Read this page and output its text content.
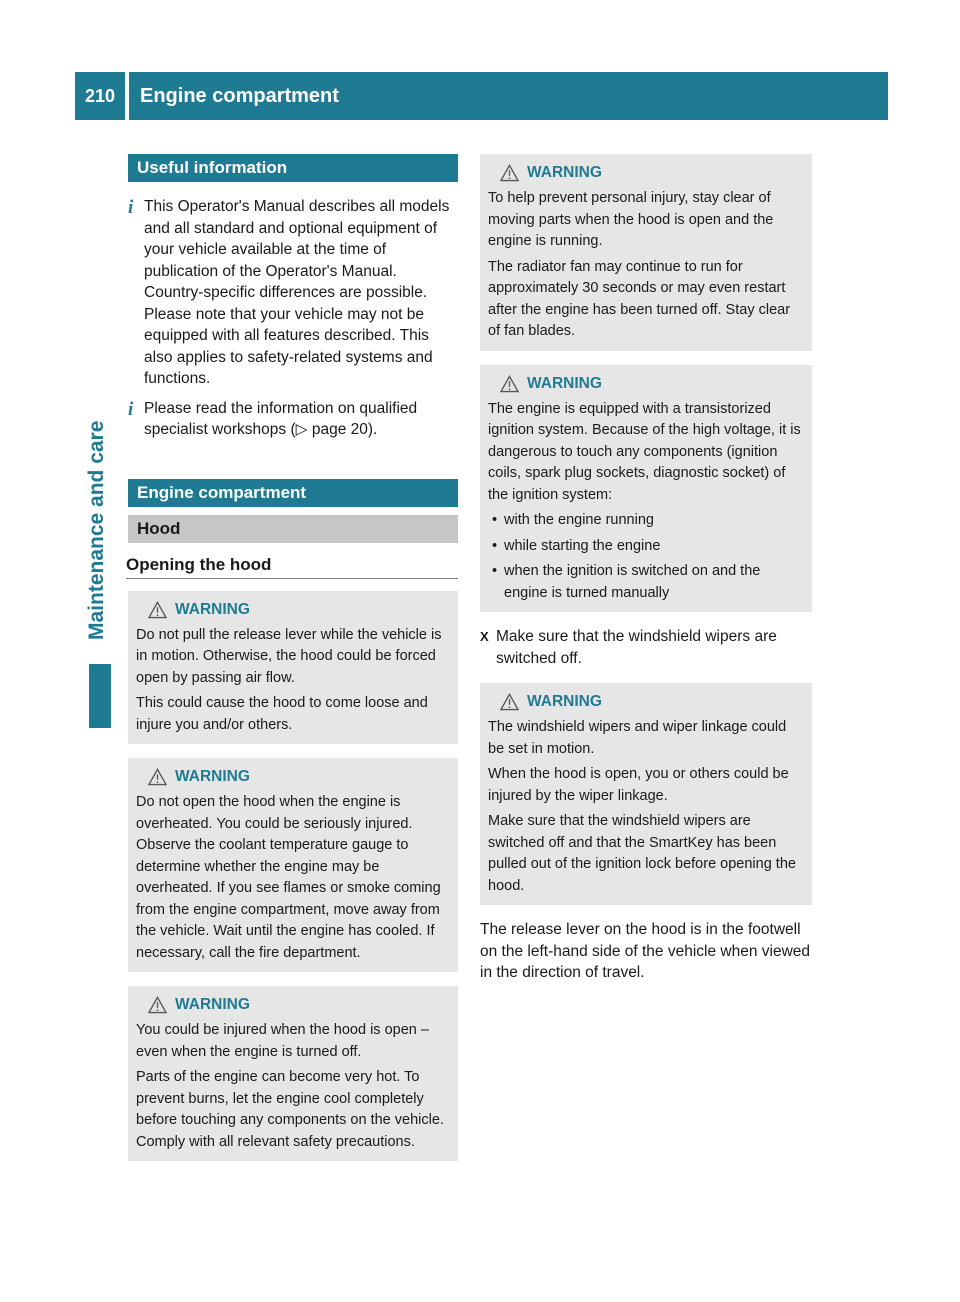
210	Engine compartment
Maintenance and care
Useful information
i This Operator's Manual describes all models and all standard and optional equipment of your vehicle available at the time of publication of the Operator's Manual. Country-specific differences are possible. Please note that your vehicle may not be equipped with all features described. This also applies to safety-related systems and functions.
i Please read the information on qualified specialist workshops (▷ page 20).
Engine compartment
Hood
Opening the hood
WARNING

Do not pull the release lever while the vehicle is in motion. Otherwise, the hood could be forced open by passing air flow.

This could cause the hood to come loose and injure you and/or others.

WARNING

Do not open the hood when the engine is overheated. You could be seriously injured. Observe the coolant temperature gauge to determine whether the engine may be overheated. If you see flames or smoke coming from the engine compartment, move away from the vehicle. Wait until the engine has cooled. If necessary, call the fire department.

WARNING

You could be injured when the hood is open – even when the engine is turned off.

Parts of the engine can become very hot. To prevent burns, let the engine cool completely before touching any components on the vehicle. Comply with all relevant safety precautions.

WARNING

To help prevent personal injury, stay clear of moving parts when the hood is open and the engine is running.

The radiator fan may continue to run for approximately 30 seconds or may even restart after the engine has been turned off. Stay clear of fan blades.

WARNING

The engine is equipped with a transistorized ignition system. Because of the high voltage, it is dangerous to touch any components (ignition coils, spark plug sockets, diagnostic socket) of the ignition system:

• with the engine running
• while starting the engine
• when the ignition is switched on and the engine is turned manually
X Make sure that the windshield wipers are switched off.
WARNING

The windshield wipers and wiper linkage could be set in motion.

When the hood is open, you or others could be injured by the wiper linkage.

Make sure that the windshield wipers are switched off and that the SmartKey has been pulled out of the ignition lock before opening the hood.

The release lever on the hood is in the footwell on the left-hand side of the vehicle when viewed in the direction of travel.
